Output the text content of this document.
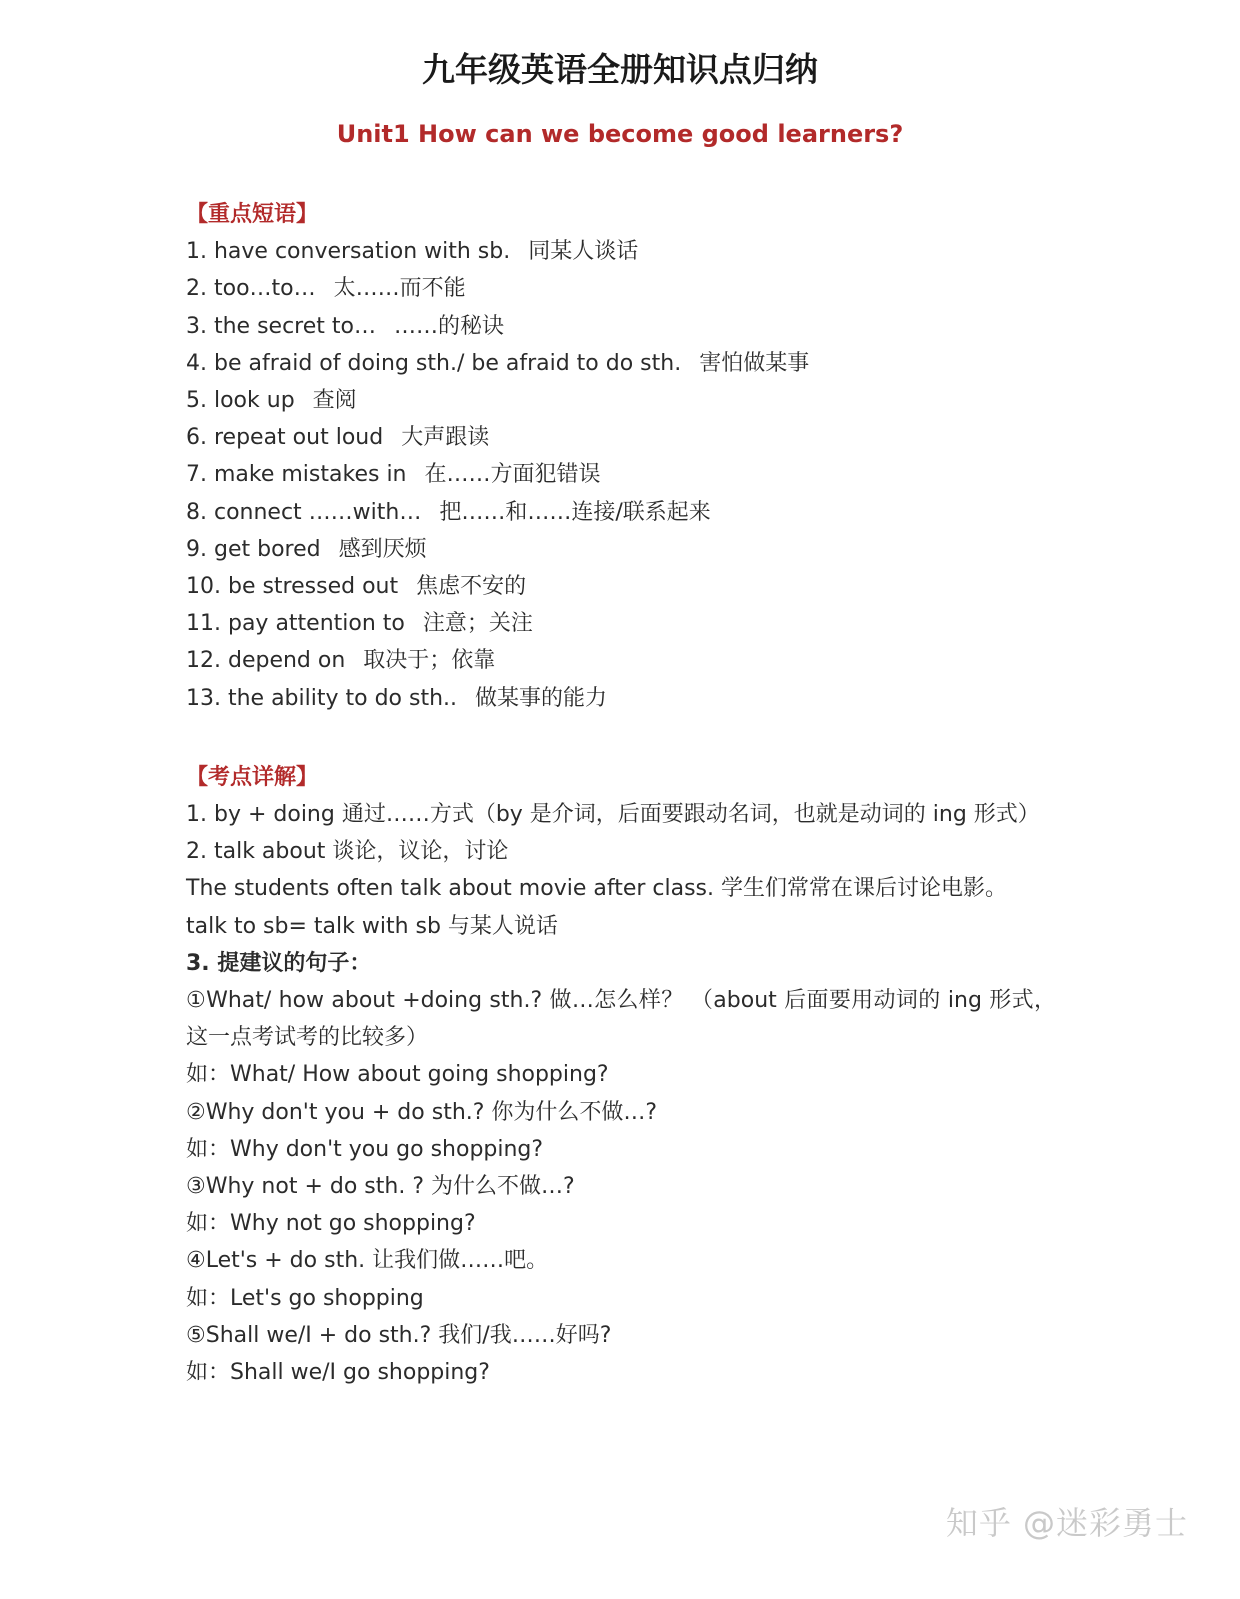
九年级英语全册知识点归纳
Unit1 How can we become good learners?
【重点短语】
1. have conversation with sb. 同某人谈话
2. too…to… 太……而不能
3. the secret to… ……的秘诀
4. be afraid of doing sth./ be afraid to do sth. 害怕做某事
5. look up 查阅
6. repeat out loud 大声跟读
7. make mistakes in 在……方面犯错误
8. connect ……with… 把……和……连接/联系起来
9. get bored 感到厌烦
10. be stressed out 焦虑不安的
11. pay attention to 注意；关注
12. depend on 取决于；依靠
13. the ability to do sth.. 做某事的能力
【考点详解】
1. by + doing 通过……方式（by 是介词，后面要跟动名词，也就是动词的 ing 形式）
2. talk about 谈论，议论，讨论
The students often talk about movie after class. 学生们常常在课后讨论电影。
talk to sb= talk with sb 与某人说话
3. 提建议的句子：
①What/ how about +doing sth.? 做…怎么样？ （about 后面要用动词的 ing 形式，这一点考试考的比较多）
如：What/ How about going shopping?
②Why don't you + do sth.? 你为什么不做…?
如：Why don't you go shopping?
③Why not + do sth. ? 为什么不做…?
如：Why not go shopping?
④Let's + do sth. 让我们做……吧。
如：Let's go shopping
⑤Shall we/I + do sth.? 我们/我……好吗?
如：Shall we/I go shopping?
知乎 @迷彩勇士
